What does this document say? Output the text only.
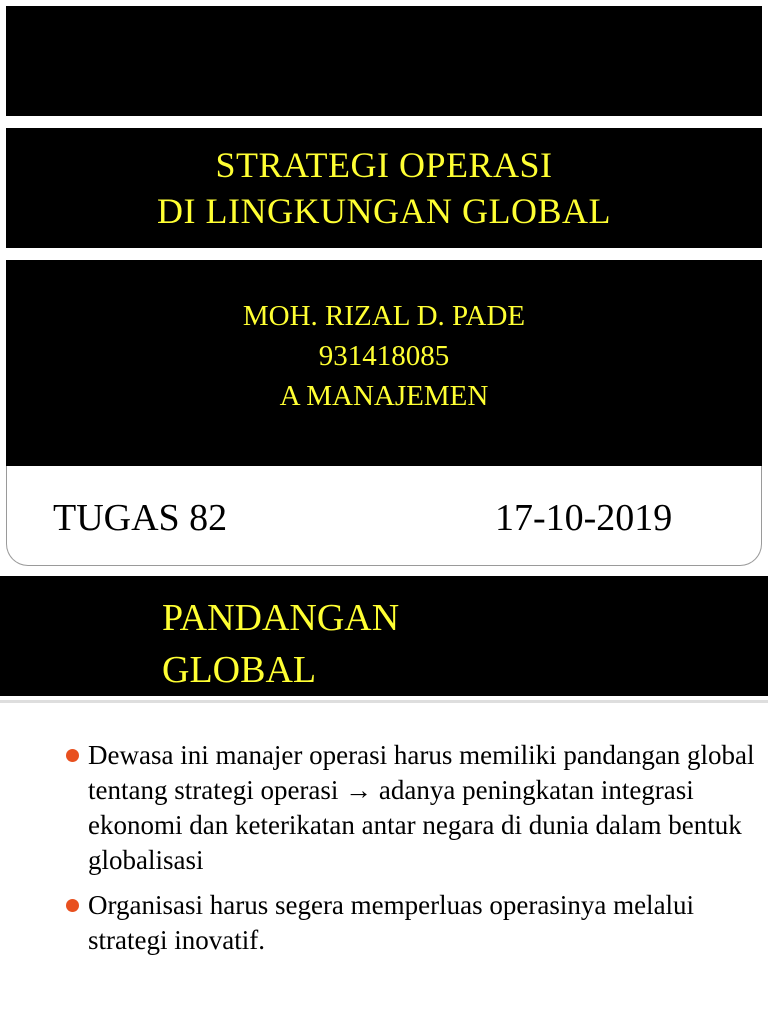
STRATEGI OPERASI
DI LINGKUNGAN GLOBAL
MOH. RIZAL D. PADE
931418085
A MANAJEMEN
TUGAS 82	17-10-2019
PANDANGAN
GLOBAL
Dewasa ini manajer operasi harus memiliki pandangan global tentang strategi operasi → adanya peningkatan integrasi ekonomi dan keterikatan antar negara di dunia dalam bentuk globalisasi
Organisasi harus segera memperluas operasinya melalui strategi inovatif.
